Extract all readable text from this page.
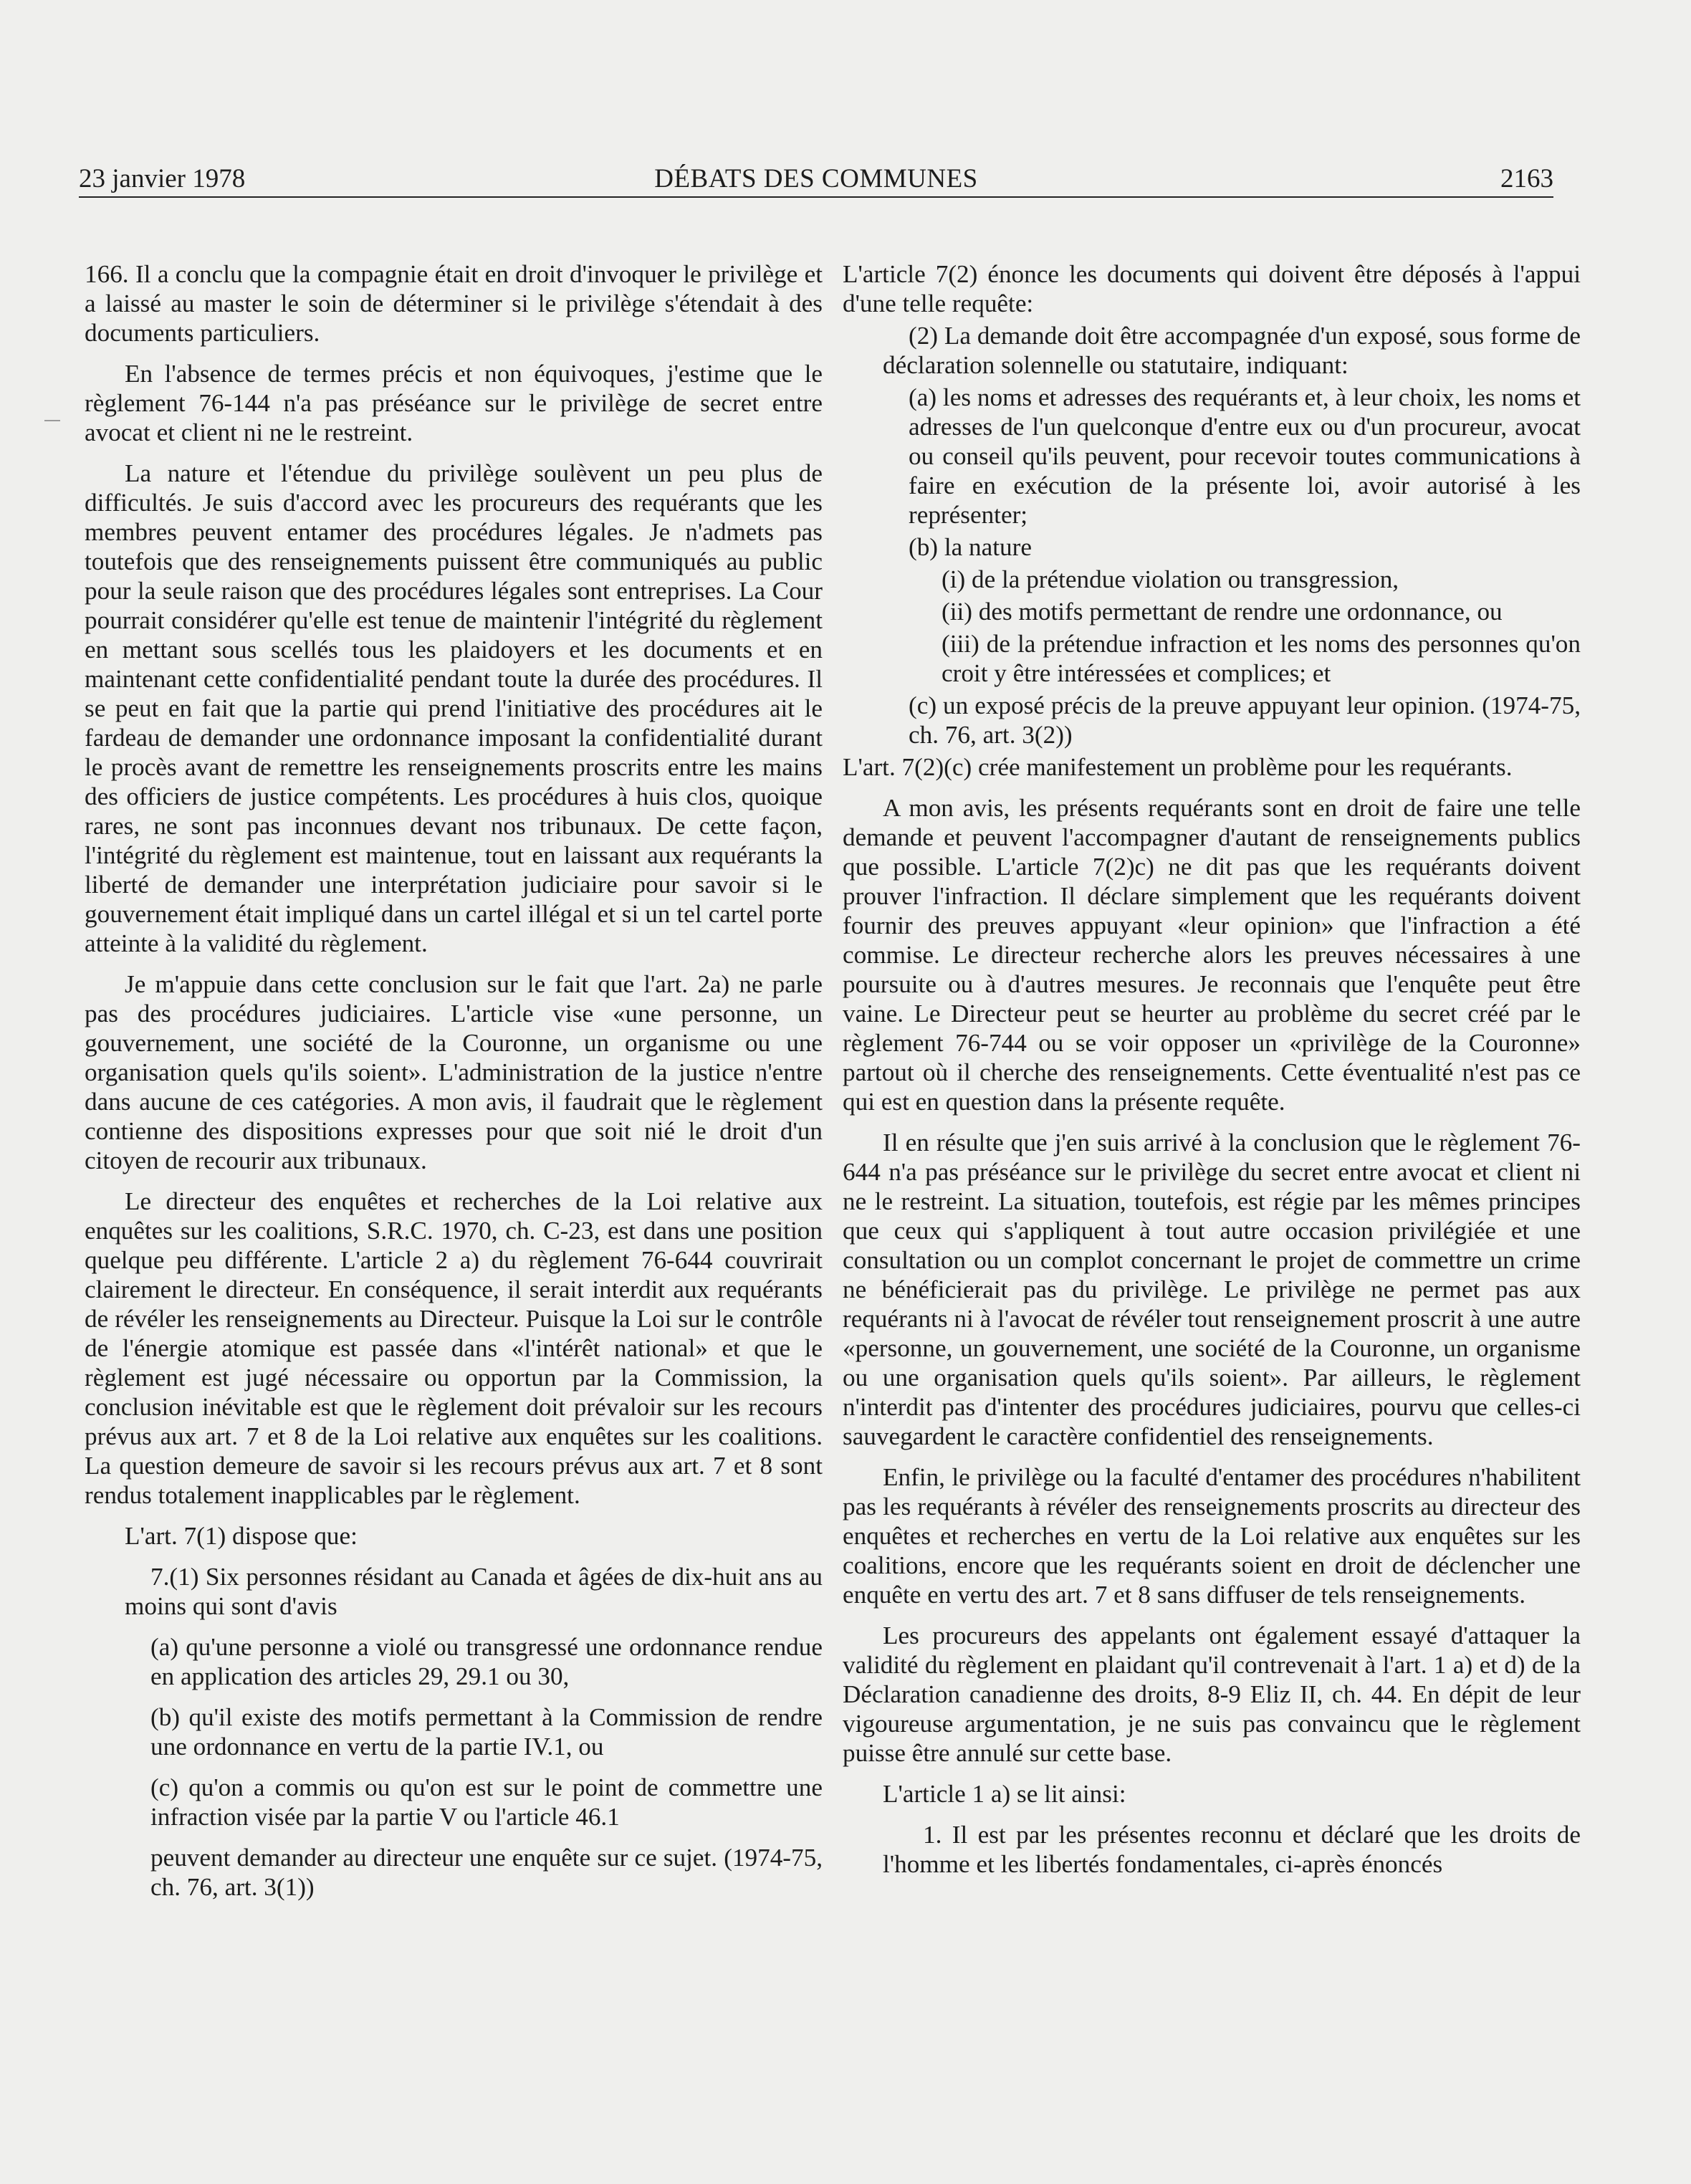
23 janvier 1978	DÉBATS DES COMMUNES	2163

166. Il a conclu que la compagnie était en droit d'invoquer le privilège et a laissé au master le soin de déterminer si le privilège s'étendait à des documents particuliers.

En l'absence de termes précis et non équivoques, j'estime que le règlement 76-144 n'a pas préséance sur le privilège de secret entre avocat et client ni ne le restreint.

La nature et l'étendue du privilège soulèvent un peu plus de difficultés. Je suis d'accord avec les procureurs des requérants que les membres peuvent entamer des procédures légales. Je n'admets pas toutefois que des renseignements puissent être communiqués au public pour la seule raison que des procédures légales sont entreprises. La Cour pourrait considérer qu'elle est tenue de maintenir l'intégrité du règlement en mettant sous scellés tous les plaidoyers et les documents et en maintenant cette confidentialité pendant toute la durée des procédures. Il se peut en fait que la partie qui prend l'initiative des procédures ait le fardeau de demander une ordonnance imposant la confidentialité durant le procès avant de remettre les renseignements proscrits entre les mains des officiers de justice compétents. Les procédures à huis clos, quoique rares, ne sont pas inconnues devant nos tribunaux. De cette façon, l'intégrité du règlement est maintenue, tout en laissant aux requérants la liberté de demander une interprétation judiciaire pour savoir si le gouvernement était impliqué dans un cartel illégal et si un tel cartel porte atteinte à la validité du règlement.

Je m'appuie dans cette conclusion sur le fait que l'art. 2a) ne parle pas des procédures judiciaires. L'article vise «une personne, un gouvernement, une société de la Couronne, un organisme ou une organisation quels qu'ils soient». L'administration de la justice n'entre dans aucune de ces catégories. A mon avis, il faudrait que le règlement contienne des dispositions expresses pour que soit nié le droit d'un citoyen de recourir aux tribunaux.

Le directeur des enquêtes et recherches de la Loi relative aux enquêtes sur les coalitions, S.R.C. 1970, ch. C-23, est dans une position quelque peu différente. L'article 2 a) du règlement 76-644 couvrirait clairement le directeur. En conséquence, il serait interdit aux requérants de révéler les renseignements au Directeur. Puisque la Loi sur le contrôle de l'énergie atomique est passée dans «l'intérêt national» et que le règlement est jugé nécessaire ou opportun par la Commission, la conclusion inévitable est que le règlement doit prévaloir sur les recours prévus aux art. 7 et 8 de la Loi relative aux enquêtes sur les coalitions. La question demeure de savoir si les recours prévus aux art. 7 et 8 sont rendus totalement inapplicables par le règlement.

L'art. 7(1) dispose que:

7.(1) Six personnes résidant au Canada et âgées de dix-huit ans au moins qui sont d'avis

(a) qu'une personne a violé ou transgressé une ordonnance rendue en application des articles 29, 29.1 ou 30,

(b) qu'il existe des motifs permettant à la Commission de rendre une ordonnance en vertu de la partie IV.1, ou

(c) qu'on a commis ou qu'on est sur le point de commettre une infraction visée par la partie V ou l'article 46.1

peuvent demander au directeur une enquête sur ce sujet. (1974-75, ch. 76, art. 3(1))

L'article 7(2) énonce les documents qui doivent être déposés à l'appui d'une telle requête:

(2) La demande doit être accompagnée d'un exposé, sous forme de déclaration solennelle ou statutaire, indiquant:

(a) les noms et adresses des requérants et, à leur choix, les noms et adresses de l'un quelconque d'entre eux ou d'un procureur, avocat ou conseil qu'ils peuvent, pour recevoir toutes communications à faire en exécution de la présente loi, avoir autorisé à les représenter;

(b) la nature

(i) de la prétendue violation ou transgression,

(ii) des motifs permettant de rendre une ordonnance, ou

(iii) de la prétendue infraction et les noms des personnes qu'on croit y être intéressées et complices; et

(c) un exposé précis de la preuve appuyant leur opinion. (1974-75, ch. 76, art. 3(2))

L'art. 7(2)(c) crée manifestement un problème pour les requérants.

A mon avis, les présents requérants sont en droit de faire une telle demande et peuvent l'accompagner d'autant de renseignements publics que possible. L'article 7(2)c) ne dit pas que les requérants doivent prouver l'infraction. Il déclare simplement que les requérants doivent fournir des preuves appuyant «leur opinion» que l'infraction a été commise. Le directeur recherche alors les preuves nécessaires à une poursuite ou à d'autres mesures. Je reconnais que l'enquête peut être vaine. Le Directeur peut se heurter au problème du secret créé par le règlement 76-744 ou se voir opposer un «privilège de la Couronne» partout où il cherche des renseignements. Cette éventualité n'est pas ce qui est en question dans la présente requête.

Il en résulte que j'en suis arrivé à la conclusion que le règlement 76-644 n'a pas préséance sur le privilège du secret entre avocat et client ni ne le restreint. La situation, toutefois, est régie par les mêmes principes que ceux qui s'appliquent à tout autre occasion privilégiée et une consultation ou un complot concernant le projet de commettre un crime ne bénéficierait pas du privilège. Le privilège ne permet pas aux requérants ni à l'avocat de révéler tout renseignement proscrit à une autre «personne, un gouvernement, une société de la Couronne, un organisme ou une organisation quels qu'ils soient». Par ailleurs, le règlement n'interdit pas d'intenter des procédures judiciaires, pourvu que celles-ci sauvegardent le caractère confidentiel des renseignements.

Enfin, le privilège ou la faculté d'entamer des procédures n'habilitent pas les requérants à révéler des renseignements proscrits au directeur des enquêtes et recherches en vertu de la Loi relative aux enquêtes sur les coalitions, encore que les requérants soient en droit de déclencher une enquête en vertu des art. 7 et 8 sans diffuser de tels renseignements.

Les procureurs des appelants ont également essayé d'attaquer la validité du règlement en plaidant qu'il contrevenait à l'art. 1 a) et d) de la Déclaration canadienne des droits, 8-9 Eliz II, ch. 44. En dépit de leur vigoureuse argumentation, je ne suis pas convaincu que le règlement puisse être annulé sur cette base.

L'article 1 a) se lit ainsi:

1. Il est par les présentes reconnu et déclaré que les droits de l'homme et les libertés fondamentales, ci-après énoncés
